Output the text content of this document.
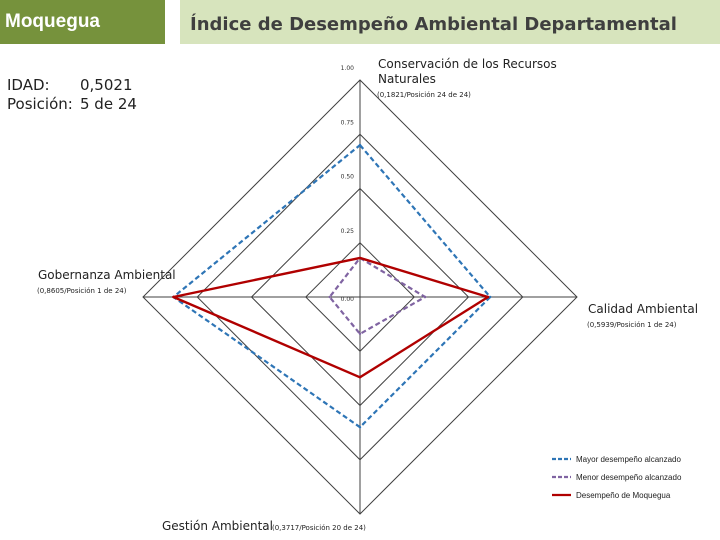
Moquegua	Índice de Desempeño Ambiental Departamental
IDAD:	0,5021
Posición: 5 de 24
0.00
0.25
0.50
0.75
1.00 Conservación de los Recursos
Naturales
(0,1821/Posición 24 de 24)
Calidad Ambiental
(0,5939/Posición 1 de 24)
Gestión Ambiental (0,3717/Posición 20 de 24)
Gobernanza Ambiental
(0,8605/Posición 1 de 24)
Mayor desempeño alcanzado
Menor desempeño alcanzado
Desempeño de Moquegua
